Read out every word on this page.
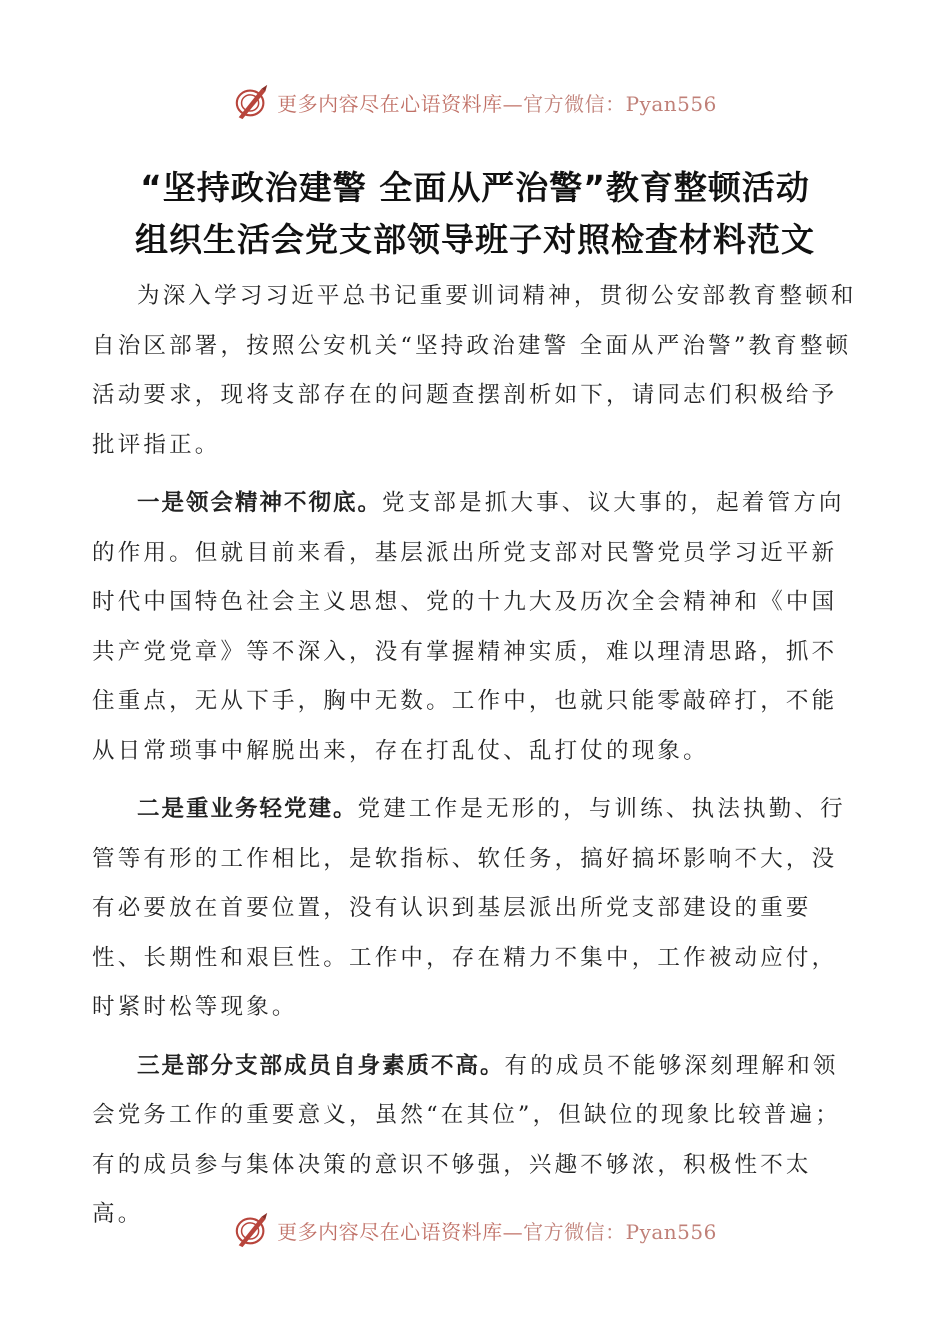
更多内容尽在心语资料库—官方微信：Pyan556
“坚持政治建警 全面从严治警”教育整顿活动
组织生活会党支部领导班子对照检查材料范文

为深入学习习近平总书记重要训词精神，贯彻公安部教育整顿和自治区部署，按照公安机关“坚持政治建警 全面从严治警”教育整顿活动要求，现将支部存在的问题查摆剖析如下，请同志们积极给予批评指正。

一是领会精神不彻底。党支部是抓大事、议大事的，起着管方向的作用。但就目前来看，基层派出所党支部对民警党员学习近平新时代中国特色社会主义思想、党的十九大及历次全会精神和《中国共产党党章》等不深入，没有掌握精神实质，难以理清思路，抓不住重点，无从下手，胸中无数。工作中，也就只能零敲碎打，不能从日常琐事中解脱出来，存在打乱仗、乱打仗的现象。

二是重业务轻党建。党建工作是无形的，与训练、执法执勤、行管等有形的工作相比，是软指标、软任务，搞好搞坏影响不大，没有必要放在首要位置，没有认识到基层派出所党支部建设的重要性、长期性和艰巨性。工作中，存在精力不集中，工作被动应付，时紧时松等现象。

三是部分支部成员自身素质不高。有的成员不能够深刻理解和领会党务工作的重要意义，虽然“在其位”，但缺位的现象比较普遍；有的成员参与集体决策的意识不够强，兴趣不够浓，积极性不太高。

更多内容尽在心语资料库—官方微信：Pyan556
